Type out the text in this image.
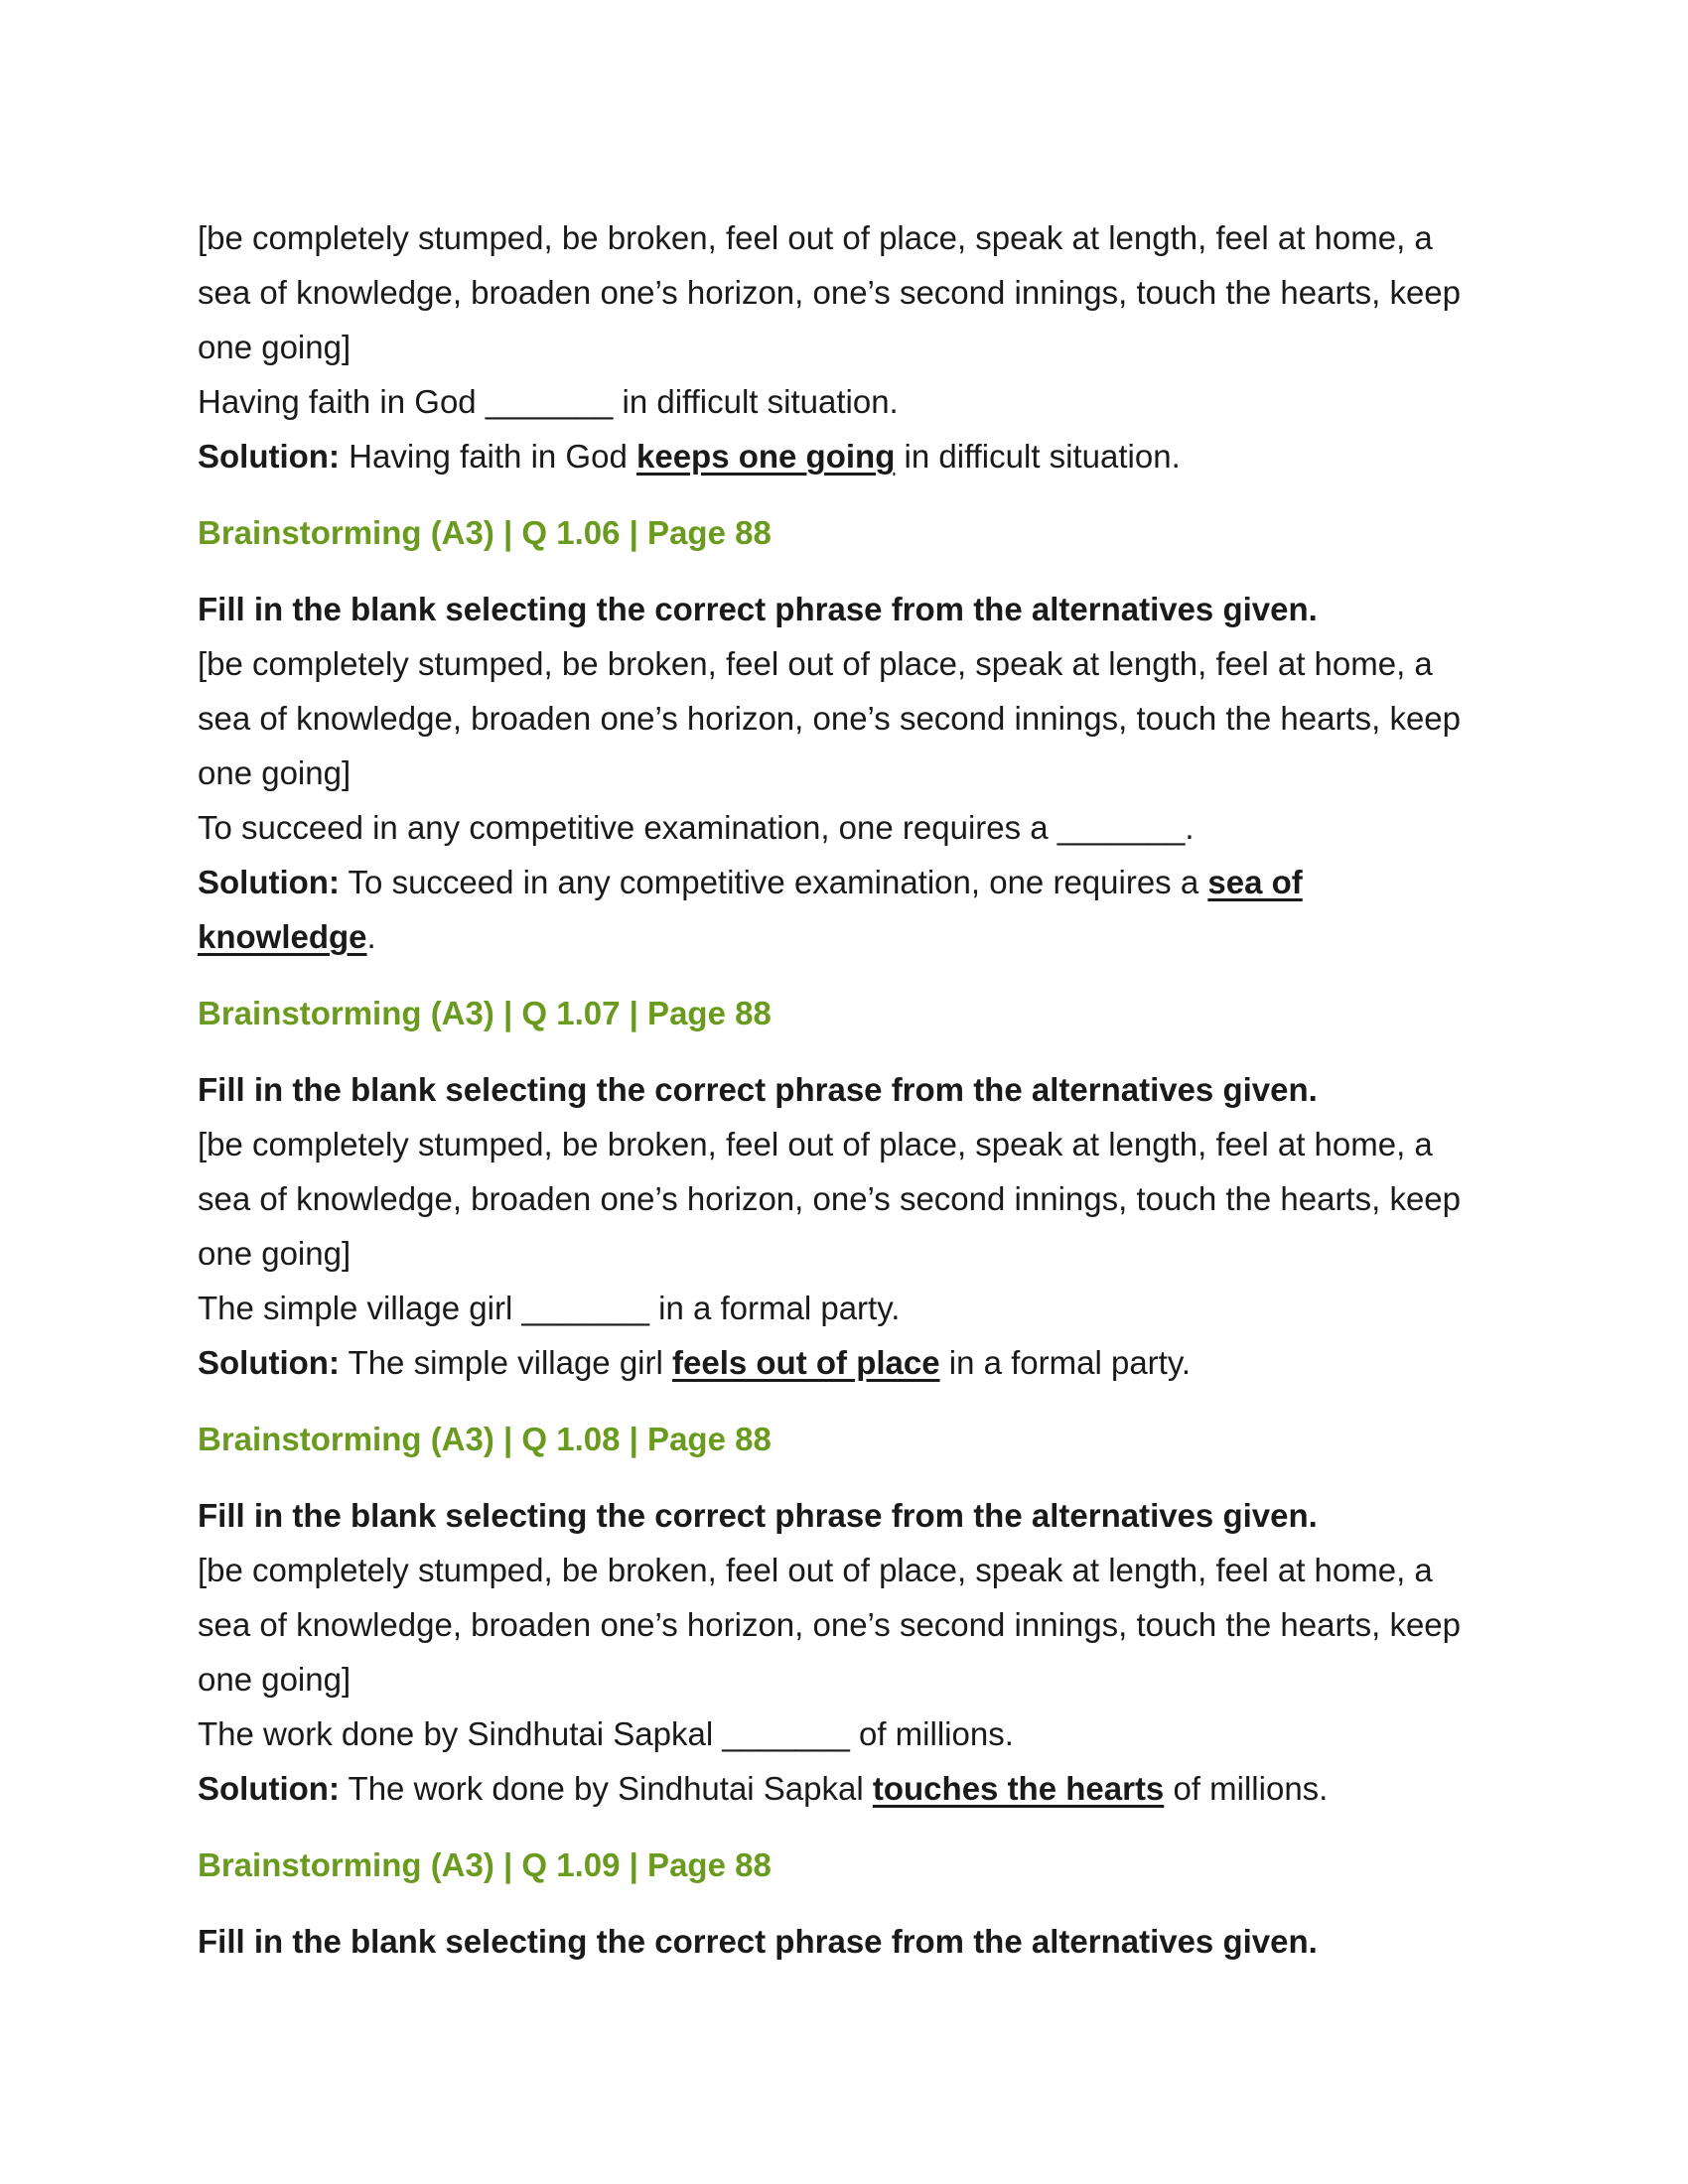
[be completely stumped, be broken, feel out of place, speak at length, feel at home, a

sea of knowledge, broaden one’s horizon, one’s second innings, touch the hearts, keep

one going]

Having faith in God _______ in difficult situation.

Solution: Having faith in God keeps one going in difficult situation.

Brainstorming (A3) | Q 1.06 | Page 88

Fill in the blank selecting the correct phrase from the alternatives given.

[be completely stumped, be broken, feel out of place, speak at length, feel at home, a

sea of knowledge, broaden one’s horizon, one’s second innings, touch the hearts, keep

one going]

To succeed in any competitive examination, one requires a _______.

Solution: To succeed in any competitive examination, one requires a sea of

knowledge.

Brainstorming (A3) | Q 1.07 | Page 88

Fill in the blank selecting the correct phrase from the alternatives given.

[be completely stumped, be broken, feel out of place, speak at length, feel at home, a

sea of knowledge, broaden one’s horizon, one’s second innings, touch the hearts, keep

one going]

The simple village girl _______ in a formal party.

Solution: The simple village girl feels out of place in a formal party.

Brainstorming (A3) | Q 1.08 | Page 88

Fill in the blank selecting the correct phrase from the alternatives given.

[be completely stumped, be broken, feel out of place, speak at length, feel at home, a

sea of knowledge, broaden one’s horizon, one’s second innings, touch the hearts, keep

one going]

The work done by Sindhutai Sapkal _______ of millions.

Solution: The work done by Sindhutai Sapkal touches the hearts of millions.

Brainstorming (A3) | Q 1.09 | Page 88

Fill in the blank selecting the correct phrase from the alternatives given.
